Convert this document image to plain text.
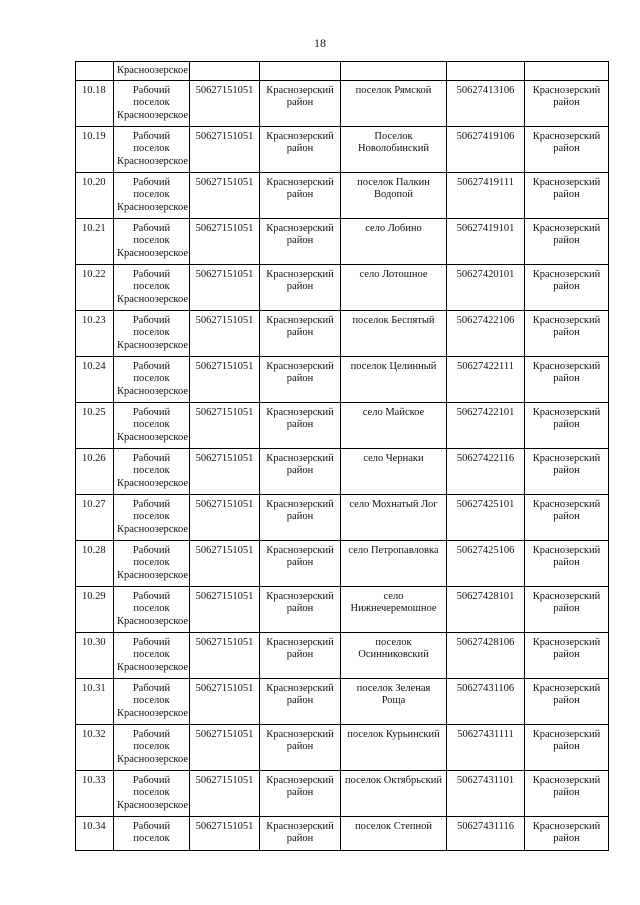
18
	Красноозерское					
10.18	Рабочий поселок Красноозерское	50627151051	Краснозерский район	поселок Рямской	50627413106	Краснозерский район
10.19	Рабочий поселок Красноозерское	50627151051	Краснозерский район	Поселок Новолобинский	50627419106	Краснозерский район
10.20	Рабочий поселок Красноозерское	50627151051	Краснозерский район	поселок Палкин Водопой	50627419111	Краснозерский район
10.21	Рабочий поселок Красноозерское	50627151051	Краснозерский район	село Лобино	50627419101	Краснозерский район
10.22	Рабочий поселок Красноозерское	50627151051	Краснозерский район	село Лотошное	50627420101	Краснозерский район
10.23	Рабочий поселок Красноозерское	50627151051	Краснозерский район	поселок Беспятый	50627422106	Краснозерский район
10.24	Рабочий поселок Красноозерское	50627151051	Краснозерский район	поселок Целинный	50627422111	Краснозерский район
10.25	Рабочий поселок Красноозерское	50627151051	Краснозерский район	село Майское	50627422101	Краснозерский район
10.26	Рабочий поселок Красноозерское	50627151051	Краснозерский район	село Чернаки	50627422116	Краснозерский район
10.27	Рабочий поселок Красноозерское	50627151051	Краснозерский район	село Мохнатый Лог	50627425101	Краснозерский район
10.28	Рабочий поселок Красноозерское	50627151051	Краснозерский район	село Петропавловка	50627425106	Краснозерский район
10.29	Рабочий поселок Красноозерское	50627151051	Краснозерский район	село Нижнечеремошное	50627428101	Краснозерский район
10.30	Рабочий поселок Красноозерское	50627151051	Краснозерский район	поселок Осинниковский	50627428106	Краснозерский район
10.31	Рабочий поселок Красноозерское	50627151051	Краснозерский район	поселок Зеленая Роща	50627431106	Краснозерский район
10.32	Рабочий поселок Красноозерское	50627151051	Краснозерский район	поселок Курьинский	50627431111	Краснозерский район
10.33	Рабочий поселок Красноозерское	50627151051	Краснозерский район	поселок Октябрьский	50627431101	Краснозерский район
10.34	Рабочий поселок	50627151051	Краснозерский район	поселок Степной	50627431116	Краснозерский район
